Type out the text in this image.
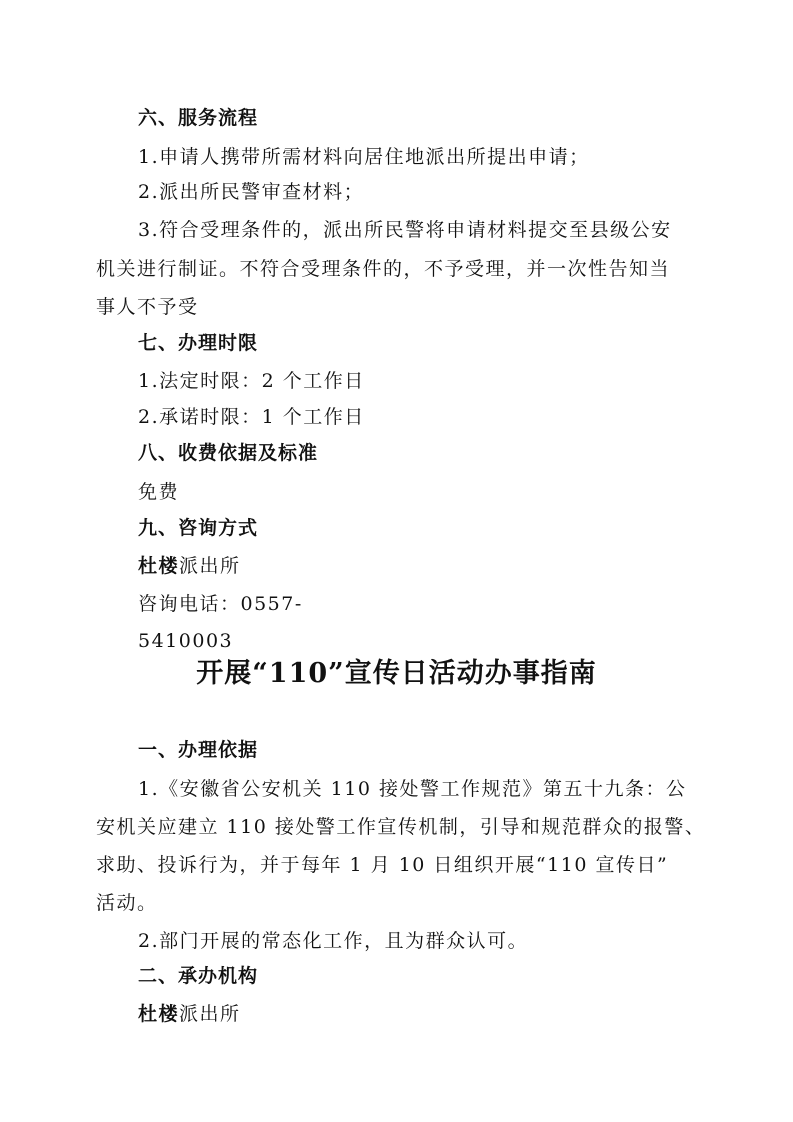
六、服务流程
1.申请人携带所需材料向居住地派出所提出申请；
2.派出所民警审查材料；
3.符合受理条件的，派出所民警将申请材料提交至县级公安
机关进行制证。不符合受理条件的，不予受理，并一次性告知当
事人不予受
七、办理时限
1.法定时限：2 个工作日
2.承诺时限：1 个工作日
八、收费依据及标准
免费
九、咨询方式
杜楼派出所
咨询电话：0557-
5410003
开展“110”宣传日活动办事指南
一、办理依据
1.《安徽省公安机关 110 接处警工作规范》第五十九条：公
安机关应建立 110 接处警工作宣传机制，引导和规范群众的报警、
求助、投诉行为，并于每年 1 月 10 日组织开展“110 宣传日”
活动。
2.部门开展的常态化工作，且为群众认可。
二、承办机构
杜楼派出所
